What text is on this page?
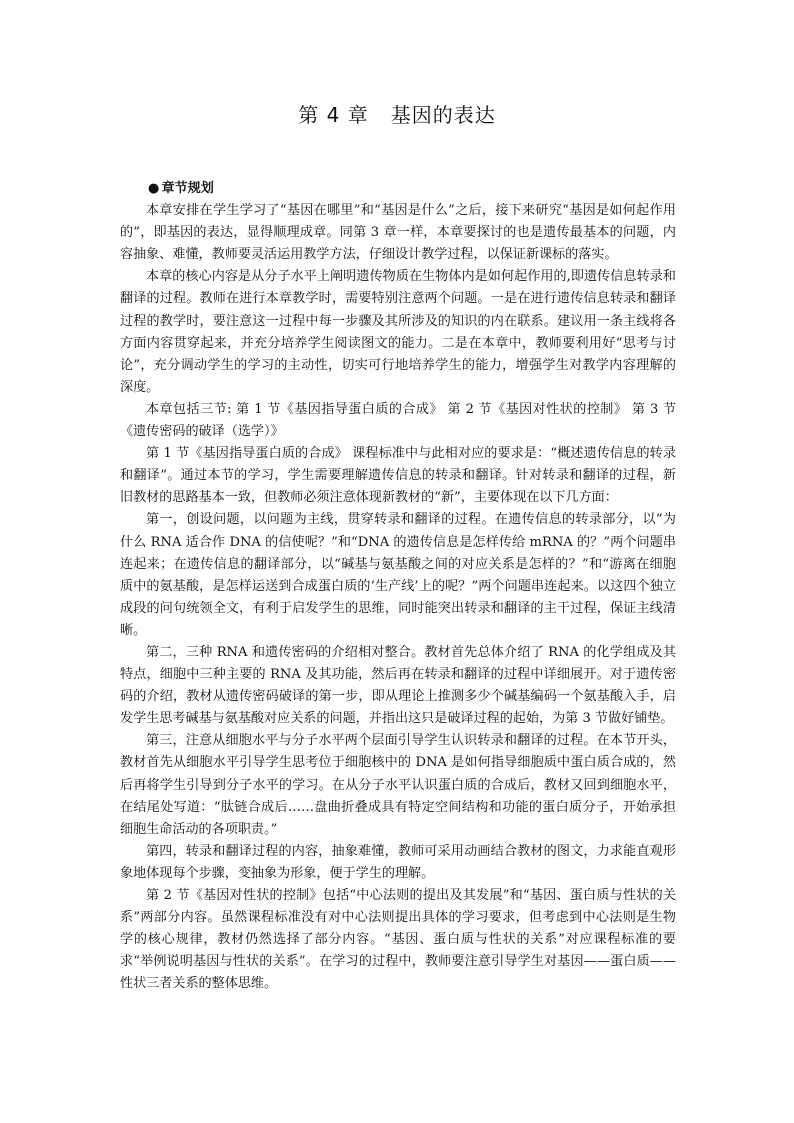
第 4 章 基因的表达

● 章节规划

本章安排在学生学习了“基因在哪里”和“基因是什么”之后，接下来研究“基因是如何起作用的”，即基因的表达，显得顺理成章。同第 3 章一样，本章要探讨的也是遗传最基本的问题，内容抽象、难懂，教师要灵活运用教学方法，仔细设计教学过程，以保证新课标的落实。

本章的核心内容是从分子水平上阐明遗传物质在生物体内是如何起作用的,即遗传信息转录和翻译的过程。教师在进行本章教学时，需要特别注意两个问题。一是在进行遗传信息转录和翻译过程的教学时，要注意这一过程中每一步骤及其所涉及的知识的内在联系。建议用一条主线将各方面内容贯穿起来，并充分培养学生阅读图文的能力。二是在本章中，教师要利用好“思考与讨论”，充分调动学生的学习的主动性，切实可行地培养学生的能力，增强学生对教学内容理解的深度。

本章包括三节: 第 1 节《基因指导蛋白质的合成》 第 2 节《基因对性状的控制》 第 3 节《遗传密码的破译（选学）》

第 1 节《基因指导蛋白质的合成》 课程标准中与此相对应的要求是：“概述遗传信息的转录和翻译”。通过本节的学习，学生需要理解遗传信息的转录和翻译。针对转录和翻译的过程，新旧教材的思路基本一致，但教师必须注意体现新教材的“新”，主要体现在以下几方面：

第一，创设问题，以问题为主线，贯穿转录和翻译的过程。在遗传信息的转录部分，以“为什么 RNA 适合作 DNA 的信使呢？”和“DNA 的遗传信息是怎样传给 mRNA 的？”两个问题串连起来；在遗传信息的翻译部分，以“碱基与氨基酸之间的对应关系是怎样的？”和“游离在细胞质中的氨基酸，是怎样运送到合成蛋白质的‘生产线’上的呢？”两个问题串连起来。以这四个独立成段的问句统领全文，有利于启发学生的思维，同时能突出转录和翻译的主干过程，保证主线清晰。

第二，三种 RNA 和遗传密码的介绍相对整合。教材首先总体介绍了 RNA 的化学组成及其特点，细胞中三种主要的 RNA 及其功能，然后再在转录和翻译的过程中详细展开。对于遗传密码的介绍，教材从遗传密码破译的第一步，即从理论上推测多少个碱基编码一个氨基酸入手，启发学生思考碱基与氨基酸对应关系的问题，并指出这只是破译过程的起始，为第 3 节做好铺垫。

第三，注意从细胞水平与分子水平两个层面引导学生认识转录和翻译的过程。在本节开头，教材首先从细胞水平引导学生思考位于细胞核中的 DNA 是如何指导细胞质中蛋白质合成的，然后再将学生引导到分子水平的学习。在从分子水平认识蛋白质的合成后，教材又回到细胞水平，在结尾处写道：“肽链合成后……盘曲折叠成具有特定空间结构和功能的蛋白质分子，开始承担细胞生命活动的各项职责。”

第四，转录和翻译过程的内容，抽象难懂，教师可采用动画结合教材的图文，力求能直观形象地体现每个步骤，变抽象为形象，便于学生的理解。

第 2 节《基因对性状的控制》包括“中心法则的提出及其发展”和“基因、蛋白质与性状的关系”两部分内容。虽然课程标准没有对中心法则提出具体的学习要求，但考虑到中心法则是生物学的核心规律，教材仍然选择了部分内容。“基因、蛋白质与性状的关系”对应课程标准的要求“举例说明基因与性状的关系”。在学习的过程中，教师要注意引导学生对基因——蛋白质——性状三者关系的整体思维。
